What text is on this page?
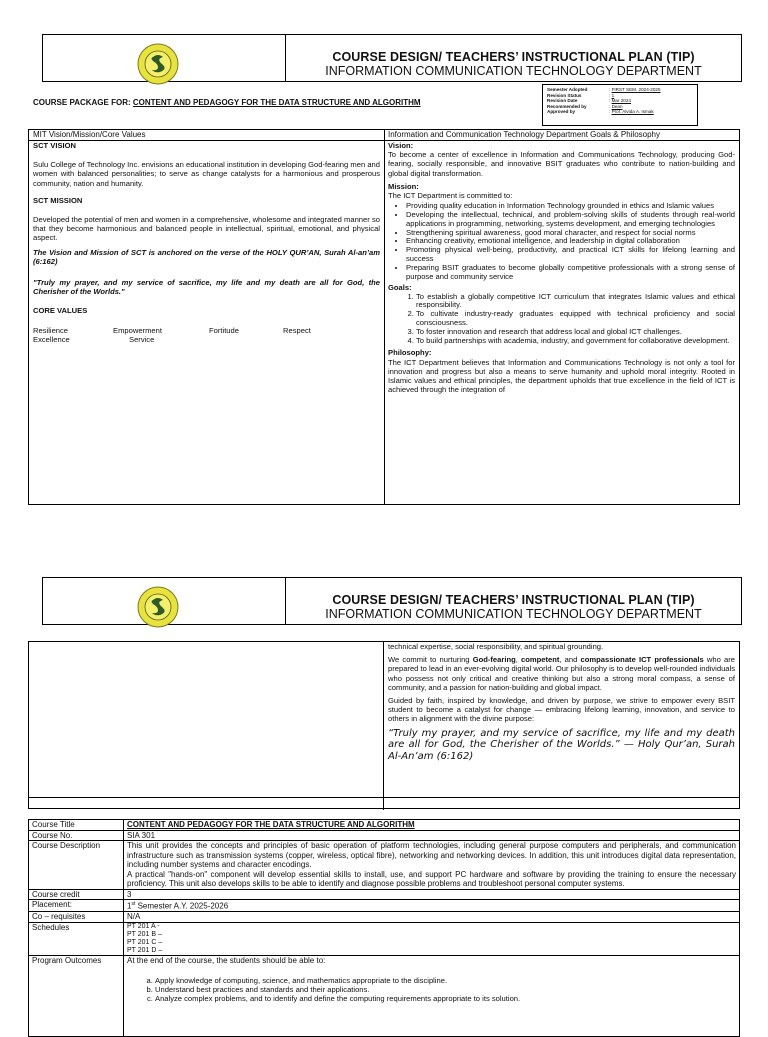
COURSE DESIGN/ TEACHERS’ INSTRUCTIONAL PLAN (TIP)
INFORMATION COMMUNICATION TECHNOLOGY DEPARTMENT
COURSE PACKAGE FOR: CONTENT AND PEDAGOGY FOR THE DATA STRUCTURE AND ALGORITHM
Semester Adopted	: FIRST SEM. 2024-2025
Revision Status	: 1
Revision Date	: Mar 2024
Recommended by	: Dean
Approved by	: Prof. Alvida A. Ismak
MIT Vision/Mission/Core Values
SCT VISION
Sulu College of Technology Inc. envisions an educational institution in developing God-fearing men and women with balanced personalities; to serve as change catalysts for a harmonious and prosperous community, nation and humanity.
SCT MISSION
Developed the potential of men and women in a comprehensive, wholesome and integrated manner so that they become harmonious and balanced people in intellectual, spiritual, emotional, and physical aspect.
The Vision and Mission of SCT is anchored on the verse of the HOLY QUR’AN, Surah Al-an’am (6:162)
"Truly my prayer, and my service of sacrifice, my life and my death are all for God, the Cherisher of the Worlds."
CORE VALUES
Resilience	Empowerment	Fortitude	Respect
Excellence	Service
Information and Communication Technology Department Goals & Philosophy
Vision:
To become a center of excellence in Information and Communications Technology, producing God-fearing, socially responsible, and innovative BSIT graduates who contribute to nation-building and global digital transformation.
Mission:
The ICT Department is committed to:
• Providing quality education in Information Technology grounded in ethics and Islamic values
• Developing the intellectual, technical, and problem-solving skills of students through real-world applications in programming, networking, systems development, and emerging technologies
• Strengthening spiritual awareness, good moral character, and respect for social norms
• Enhancing creativity, emotional intelligence, and leadership in digital collaboration
• Promoting physical well-being, productivity, and practical ICT skills for lifelong learning and success
• Preparing BSIT graduates to become globally competitive professionals with a strong sense of purpose and community service
Goals:
1. To establish a globally competitive ICT curriculum that integrates Islamic values and ethical responsibility.
2. To cultivate industry-ready graduates equipped with technical proficiency and social consciousness.
3. To foster innovation and research that address local and global ICT challenges.
4. To build partnerships with academia, industry, and government for collaborative development.
Philosophy:
The ICT Department believes that Information and Communications Technology is not only a tool for innovation and progress but also a means to serve humanity and uphold moral integrity. Rooted in Islamic values and ethical principles, the department upholds that true excellence in the field of ICT is achieved through the integration of
COURSE DESIGN/ TEACHERS’ INSTRUCTIONAL PLAN (TIP)
INFORMATION COMMUNICATION TECHNOLOGY DEPARTMENT
technical expertise, social responsibility, and spiritual grounding.
We commit to nurturing God-fearing, competent, and compassionate ICT professionals who are prepared to lead in an ever-evolving digital world. Our philosophy is to develop well-rounded individuals who possess not only critical and creative thinking but also a strong moral compass, a sense of community, and a passion for nation-building and global impact.
Guided by faith, inspired by knowledge, and driven by purpose, we strive to empower every BSIT student to become a catalyst for change — embracing lifelong learning, innovation, and service to others in alignment with the divine purpose:
“Truly my prayer, and my service of sacrifice, my life and my death are all for God, the Cherisher of the Worlds.” — Holy Qur’an, Surah Al-An’am (6:162)
Course Title	CONTENT AND PEDAGOGY FOR THE DATA STRUCTURE AND ALGORITHM
Course No.	SIA 301
Course Description	This unit provides the concepts and principles of basic operation of platform technologies, including general purpose computers and peripherals, and communication infrastructure such as transmission systems (copper, wireless, optical fibre), networking and networking devices. In addition, this unit introduces digital data representation, including number systems and character encodings.
A practical "hands-on" component will develop essential skills to install, use, and support PC hardware and software by providing the training to ensure the necessary proficiency. This unit also develops skills to be able to identify and diagnose possible problems and troubleshoot personal computer systems.
Course credit	3
Placement:	1st Semester A.Y. 2025-2026
Co – requisites	N/A
Schedules	PT 201 A -
PT 201 B –
PT 201 C –
PT 201 D –
Program Outcomes	At the end of the course, the students should be able to:
a. Apply knowledge of computing, science, and mathematics appropriate to the discipline.
b. Understand best practices and standards and their applications.
c. Analyze complex problems, and to identify and define the computing requirements appropriate to its solution.
